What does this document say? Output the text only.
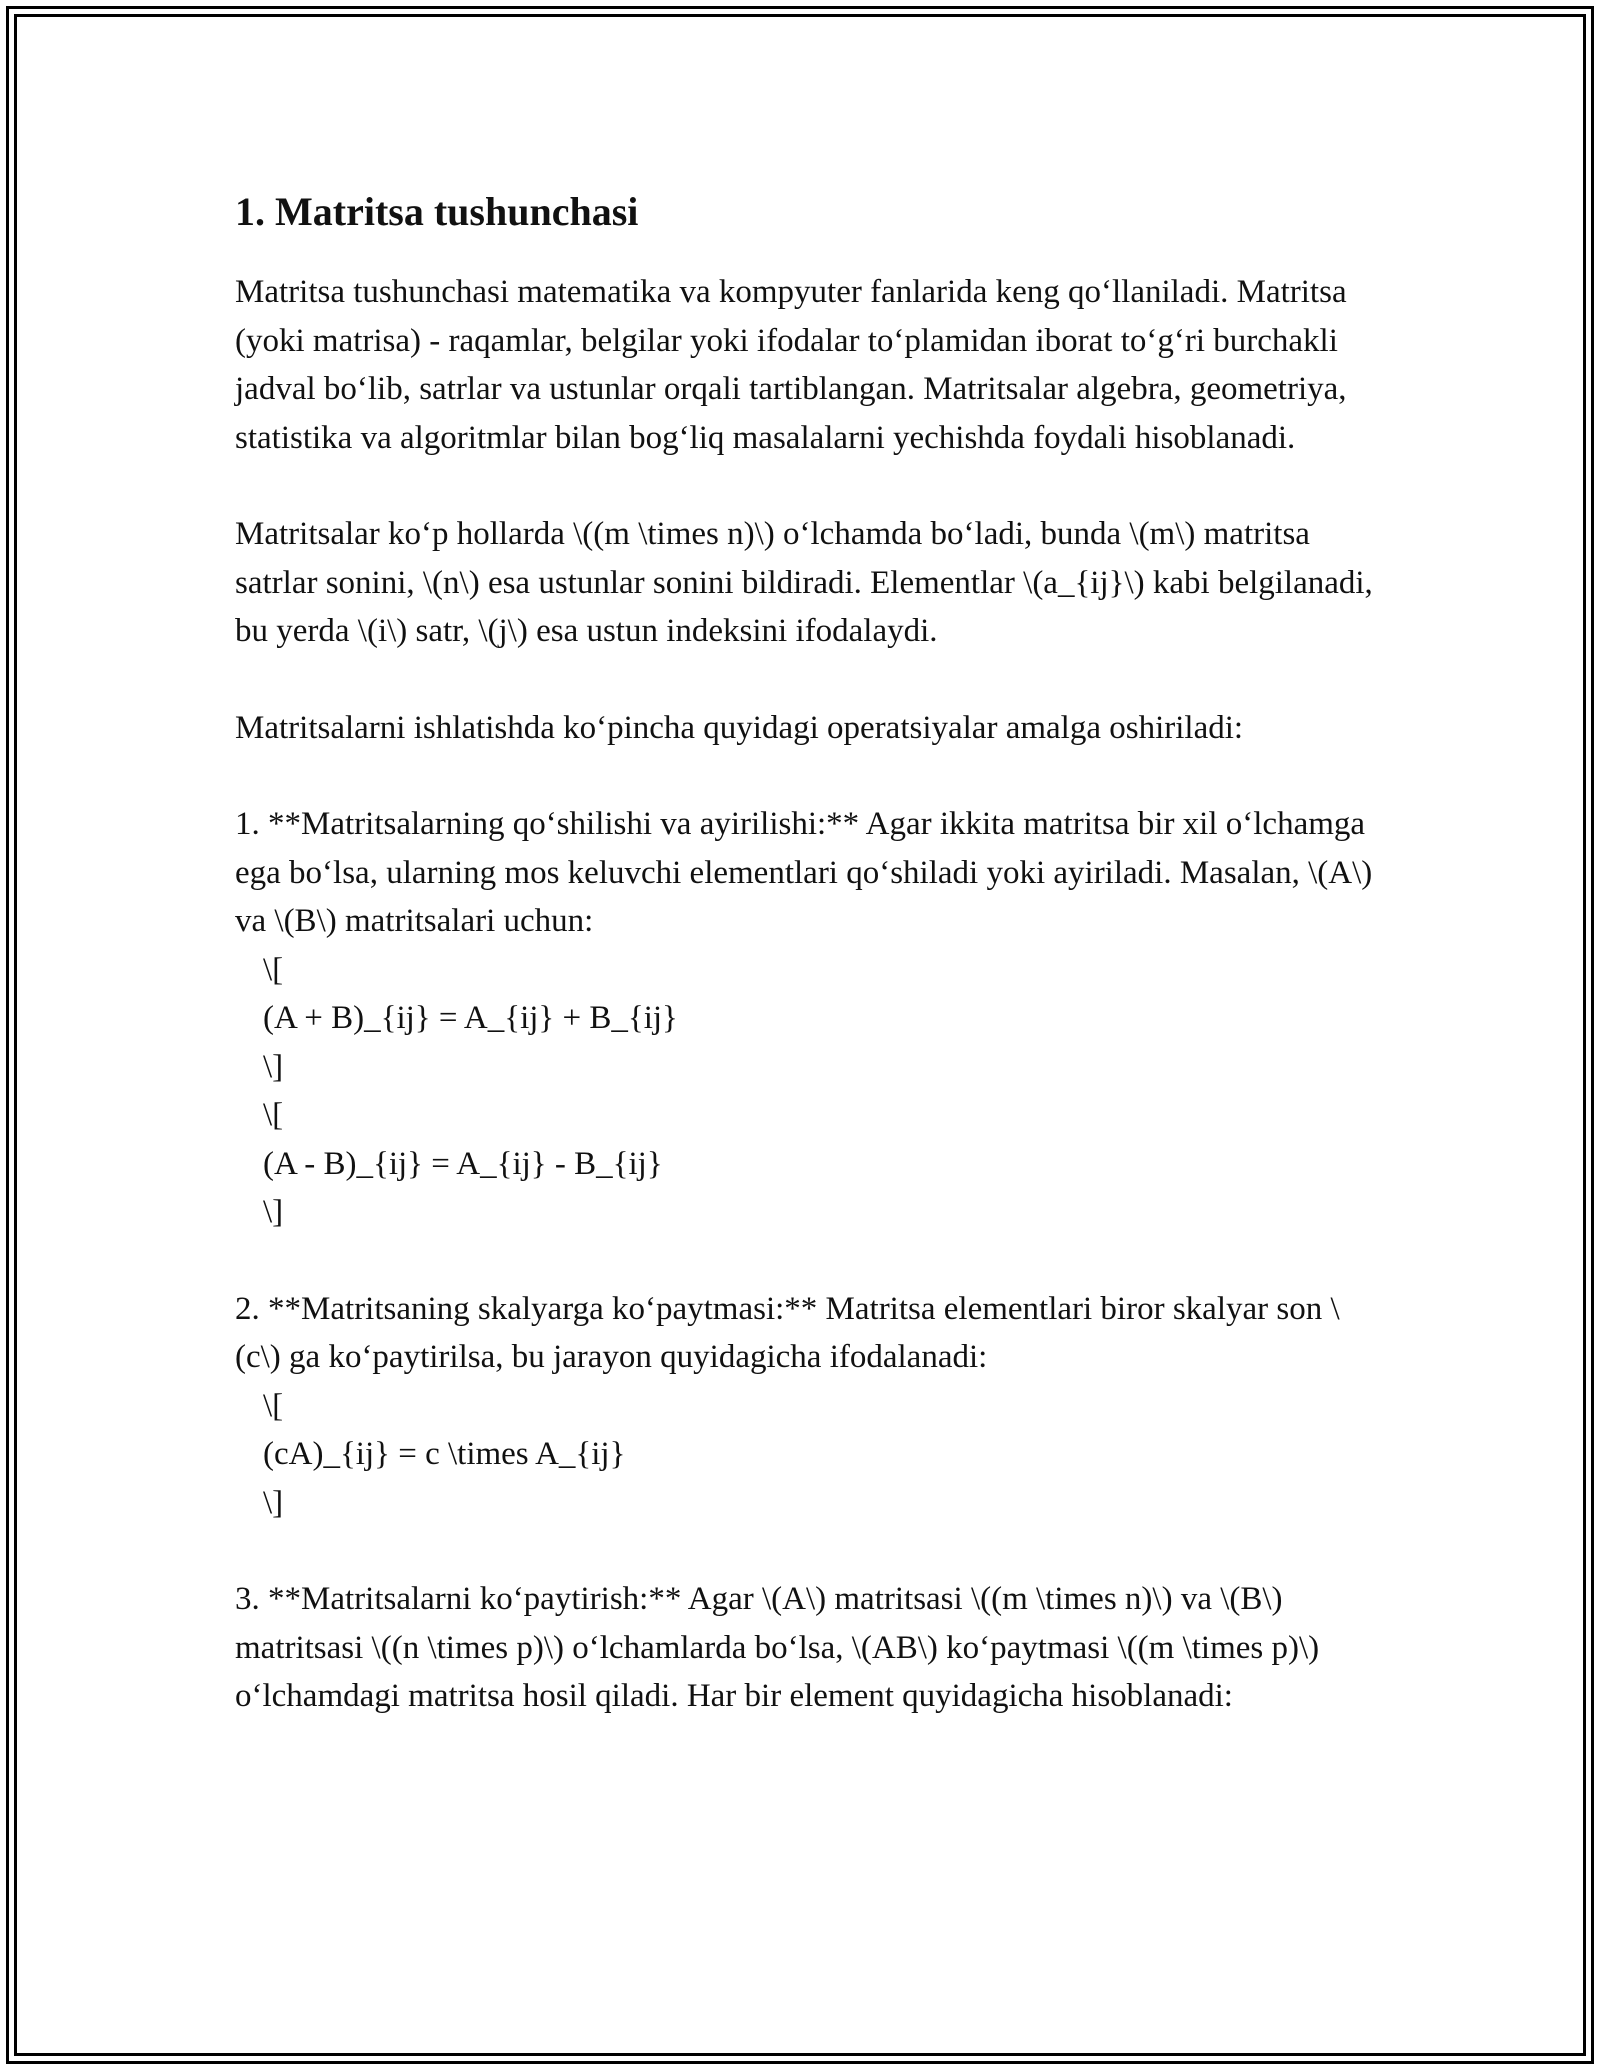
1. Matritsa tushunchasi

Matritsa tushunchasi matematika va kompyuter fanlarida keng qo‘llaniladi. Matritsa (yoki matrisa) - raqamlar, belgilar yoki ifodalar to‘plamidan iborat to‘g‘ri burchakli jadval bo‘lib, satrlar va ustunlar orqali tartiblangan. Matritsalar algebra, geometriya, statistika va algoritmlar bilan bog‘liq masalalarni yechishda foydali hisoblanadi.

Matritsalar ko‘p hollarda \((m \times n)\) o‘lchamda bo‘ladi, bunda \(m\) matritsa satrlar sonini, \(n\) esa ustunlar sonini bildiradi. Elementlar \(a_{ij}\) kabi belgilanadi, bu yerda \(i\) satr, \(j\) esa ustun indeksini ifodalaydi.

Matritsalarni ishlatishda ko‘pincha quyidagi operatsiyalar amalga oshiriladi:

1. **Matritsalarning qo‘shilishi va ayirilishi:** Agar ikkita matritsa bir xil o‘lchamga ega bo‘lsa, ularning mos keluvchi elementlari qo‘shiladi yoki ayiriladi. Masalan, \(A\) va \(B\) matritsalari uchun:
\[
(A + B)_{ij} = A_{ij} + B_{ij}
\]
\[
(A - B)_{ij} = A_{ij} - B_{ij}
\]

2. **Matritsaning skalyarga ko‘paytmasi:** Matritsa elementlari biror skalyar son \(c\) ga ko‘paytirilsa, bu jarayon quyidagicha ifodalanadi:
\[
(cA)_{ij} = c \times A_{ij}
\]

3. **Matritsalarni ko‘paytirish:** Agar \(A\) matritsasi \((m \times n)\) va \(B\) matritsasi \((n \times p)\) o‘lchamlarda bo‘lsa, \(AB\) ko‘paytmasi \((m \times p)\) o‘lchamdagi matritsa hosil qiladi. Har bir element quyidagicha hisoblanadi:
